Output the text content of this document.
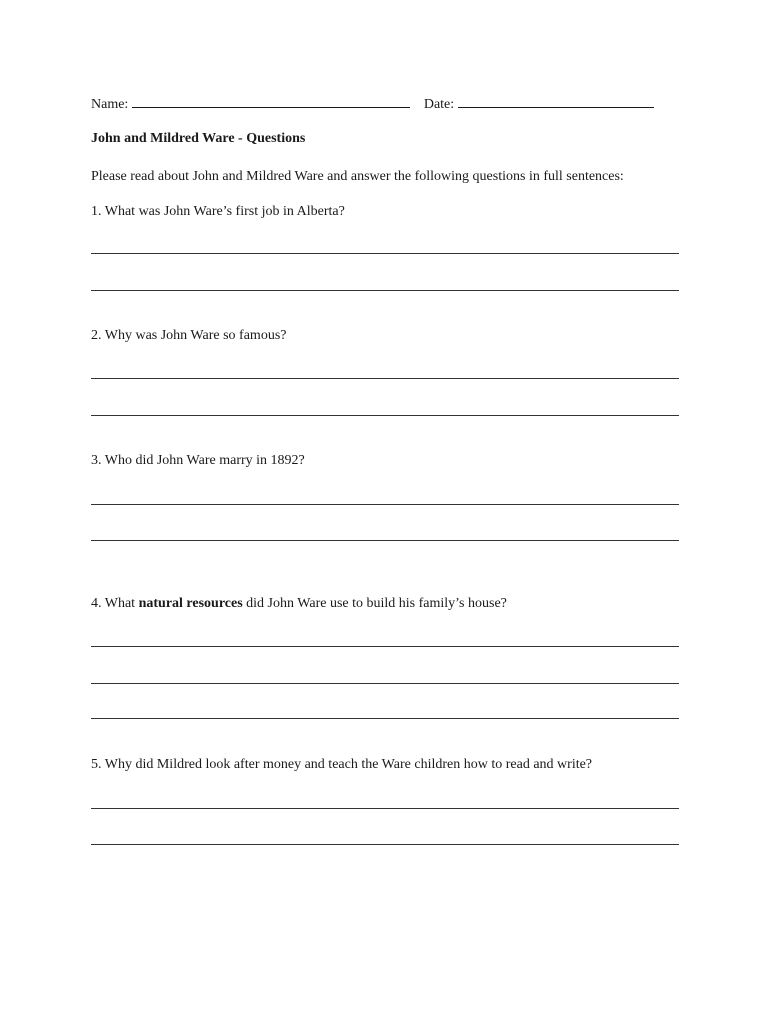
Name:	Date:
John and Mildred Ware - Questions
Please read about John and Mildred Ware and answer the following questions in full sentences:
1. What was John Ware’s first job in Alberta?
2. Why was John Ware so famous?
3. Who did John Ware marry in 1892?
4. What natural resources did John Ware use to build his family’s house?
5. Why did Mildred look after money and teach the Ware children how to read and write?
